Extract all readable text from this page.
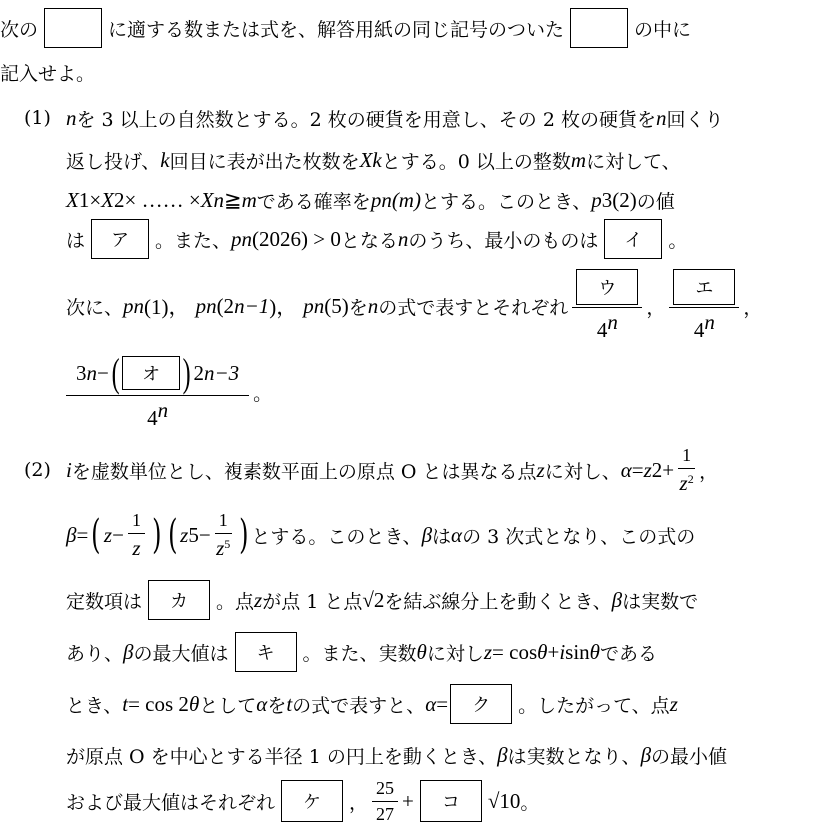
次の	に適する数または式を、解答用紙の同じ記号のついた	の中に
記入せよ。
(1) n を 3 以上の自然数とする。2 枚の硬貨を用意し、その 2 枚の硬貨を n 回くり
返し投げ、 k 回目に表が出た枚数を X k とする。0 以上の整数 m に対して、
X 1 × X 2 × …… × X n ≧ m である確率を p n (m) とする。このとき、 p 3 (2) の値
は	ア	。また、 p n (2026) > 0 となる n のうち、最小のものは	イ	。
次に、 p n (1)，
p n (2 n−1 )，
p n (5) を n の式で表すとそれぞれ $\frac{\text{ウ}}{4^n}$ ， $\frac{\text{エ}}{4^n}$ ，
3 n − (	オ ) 2 n−3
4$^n$ 。
(2) i を虚数単位とし、複素数平面上の原点 O とは異なる点 z に対し、 α = z $2 + \frac{1}{z^2}$ ，
β = ( $z - \frac{1}{z}$ ) ( z $5 - \frac{1}{z^5}$ ) とする。このとき、 β は α の 3 次式となり、この式の
定数項は	カ	。点 z が点 1 と点 √2 を結ぶ線分上を動くとき、 β は実数で
あり、 β の最大値は	キ	。また、実数 θ に対し z = cos θ + i sin θ である
とき、 t = cos 2 θ として α を t の式で表すと、 α =	ク	。したがって、点 z
が原点 O を中心とする半径 1 の円上を動くとき、 β は実数となり、 β の最小値
および最大値はそれぞれ	ケ	， $\frac{25}{27}$ +	コ	√10 。
